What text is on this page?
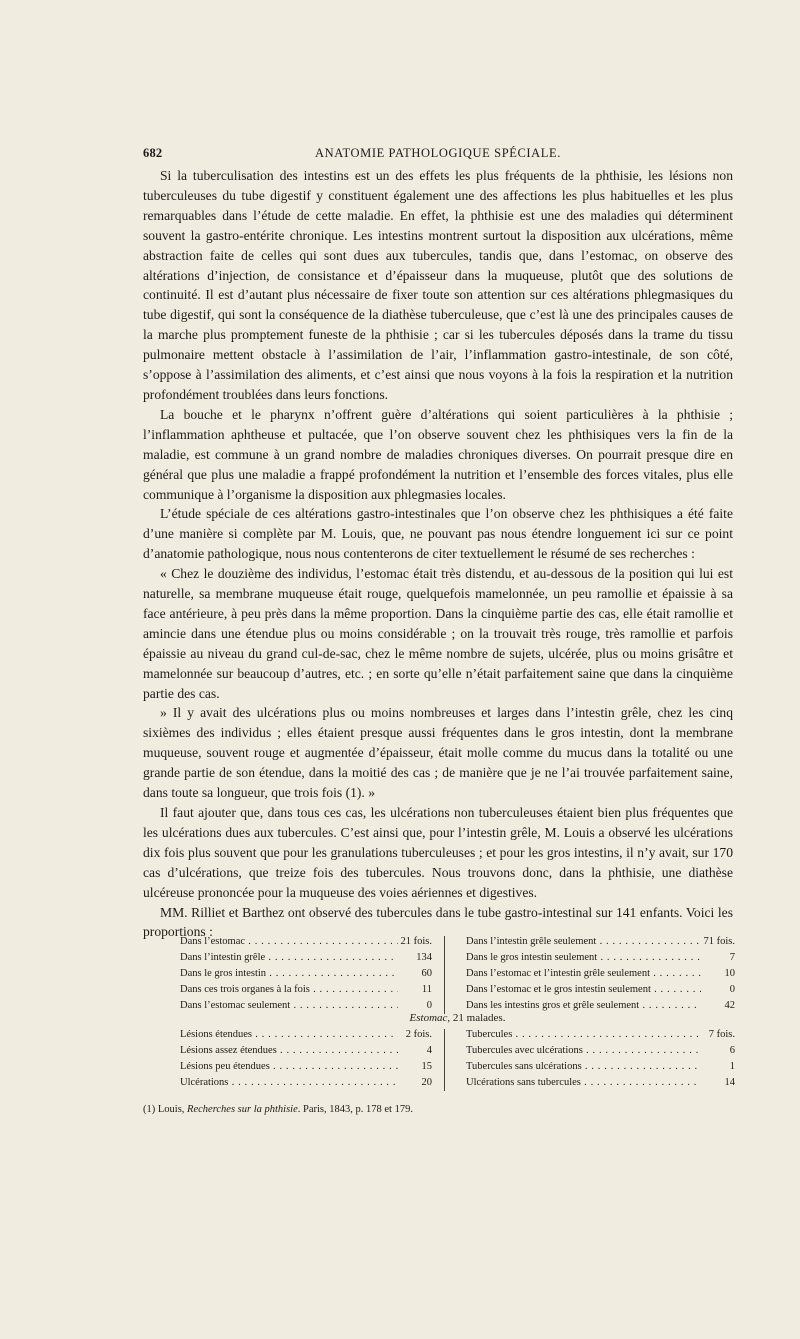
682	ANATOMIE PATHOLOGIQUE SPÉCIALE.

Si la tuberculisation des intestins est un des effets les plus fréquents de la phthisie, les lésions non tuberculeuses du tube digestif y constituent également une des affections les plus habituelles et les plus remarquables dans l’étude de cette maladie. En effet, la phthisie est une des maladies qui déterminent souvent la gastro-entérite chronique. Les intestins montrent surtout la disposition aux ulcérations, même abstraction faite de celles qui sont dues aux tubercules, tandis que, dans l’estomac, on observe des altérations d’injection, de consistance et d’épaisseur dans la muqueuse, plutôt que des solutions de continuité. Il est d’autant plus nécessaire de fixer toute son attention sur ces altérations phlegmasiques du tube digestif, qui sont la conséquence de la diathèse tuberculeuse, que c’est là une des principales causes de la marche plus promptement funeste de la phthisie ; car si les tubercules déposés dans la trame du tissu pulmonaire mettent obstacle à l’assimilation de l’air, l’inflammation gastro-intestinale, de son côté, s’oppose à l’assimilation des aliments, et c’est ainsi que nous voyons à la fois la respiration et la nutrition profondément troublées dans leurs fonctions.

La bouche et le pharynx n’offrent guère d’altérations qui soient particulières à la phthisie ; l’inflammation aphtheuse et pultacée, que l’on observe souvent chez les phthisiques vers la fin de la maladie, est commune à un grand nombre de maladies chroniques diverses. On pourrait presque dire en général que plus une maladie a frappé profondément la nutrition et l’ensemble des forces vitales, plus elle communique à l’organisme la disposition aux phlegmasies locales.

L’étude spéciale de ces altérations gastro-intestinales que l’on observe chez les phthisiques a été faite d’une manière si complète par M. Louis, que, ne pouvant pas nous étendre longuement ici sur ce point d’anatomie pathologique, nous nous contenterons de citer textuellement le résumé de ses recherches :

« Chez le douzième des individus, l’estomac était très distendu, et au-dessous de la position qui lui est naturelle, sa membrane muqueuse était rouge, quelquefois mamelonnée, un peu ramollie et épaissie à sa face antérieure, à peu près dans la même proportion. Dans la cinquième partie des cas, elle était ramollie et amincie dans une étendue plus ou moins considérable ; on la trouvait très rouge, très ramollie et parfois épaissie au niveau du grand cul-de-sac, chez le même nombre de sujets, ulcérée, plus ou moins grisâtre et mamelonnée sur beaucoup d’autres, etc. ; en sorte qu’elle n’était parfaitement saine que dans la cinquième partie des cas.

» Il y avait des ulcérations plus ou moins nombreuses et larges dans l’intestin grêle, chez les cinq sixièmes des individus ; elles étaient presque aussi fréquentes dans le gros intestin, dont la membrane muqueuse, souvent rouge et augmentée d’épaisseur, était molle comme du mucus dans la totalité ou une grande partie de son étendue, dans la moitié des cas ; de manière que je ne l’ai trouvée parfaitement saine, dans toute sa longueur, que trois fois (1). »

Il faut ajouter que, dans tous ces cas, les ulcérations non tuberculeuses étaient bien plus fréquentes que les ulcérations dues aux tubercules. C’est ainsi que, pour l’intestin grêle, M. Louis a observé les ulcérations dix fois plus souvent que pour les granulations tuberculeuses ; et pour les gros intestins, il n’y avait, sur 170 cas d’ulcérations, que treize fois des tubercules. Nous trouvons donc, dans la phthisie, une diathèse ulcéreuse prononcée pour la muqueuse des voies aériennes et digestives.

MM. Rilliet et Barthez ont observé des tubercules dans le tube gastro-intestinal sur 141 enfants. Voici les proportions :

Dans l’estomac . . .	21 fois.
Dans l’intestin grêle . . .	134
Dans le gros intestin . . .	60
Dans ces trois organes à la fois . . .	11
Dans l’estomac seulement . . .	0
Dans l’intestin grêle seulement . . .	71 fois.
Dans le gros intestin seulement . . .	7
Dans l’estomac et l’intestin grêle seulement . . .	10
Dans l’estomac et le gros intestin seulement . . .	0
Dans les intestins gros et grêle seulement . . .	42
Estomac, 21 malades.
Lésions étendues . . .	2 fois.
Lésions assez étendues . . .	4
Lésions peu étendues . . .	15
Ulcérations . . .	20
Tubercules . . .	7 fois.
Tubercules avec ulcérations . . .	6
Tubercules sans ulcérations . . .	1
Ulcérations sans tubercules . . .	14
(1) Louis, Recherches sur la phthisie. Paris, 1843, p. 178 et 179.
